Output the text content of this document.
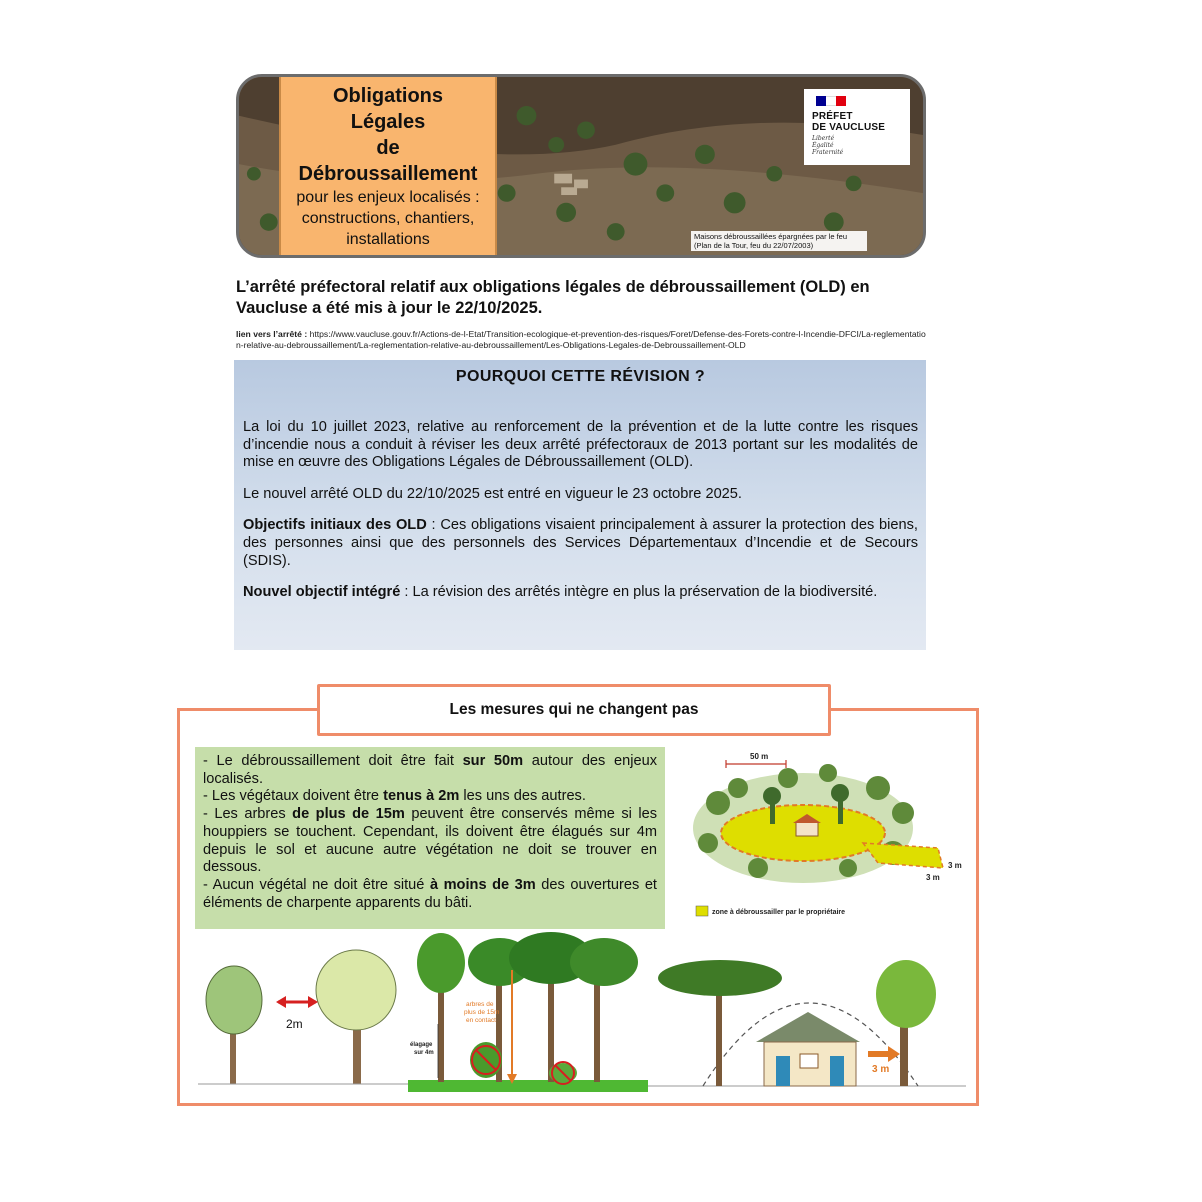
Obligations
Légales
de
Débroussaillement
pour les enjeux localisés :
constructions, chantiers,
installations
PRÉFET
DE VAUCLUSE
Liberté
Égalité
Fraternité
Maisons débroussaillées épargnées par le feu
(Plan de la Tour, feu du 22/07/2003)
L’arrêté préfectoral relatif aux obligations légales de débroussaillement (OLD) en Vaucluse a été mis à jour le 22/10/2025.
lien vers l’arrêté : https://www.vaucluse.gouv.fr/Actions-de-l-Etat/Transition-ecologique-et-prevention-des-risques/Foret/Defense-des-Forets-contre-l-Incendie-DFCI/La-reglementation-relative-au-debroussaillement/La-reglementation-relative-au-debroussaillement/Les-Obligations-Legales-de-Debroussaillement-OLD
POURQUOI CETTE RÉVISION ?

La loi du 10 juillet 2023, relative au renforcement de la prévention et de la lutte contre les risques d’incendie nous a conduit à réviser les deux arrêté préfectoraux de 2013 portant sur les modalités de mise en œuvre des Obligations Légales de Débroussaillement (OLD).

Le nouvel arrêté OLD du 22/10/2025 est entré en vigueur le 23 octobre 2025.

Objectifs initiaux des OLD : Ces obligations visaient principalement à assurer la protection des biens, des personnes ainsi que des personnels des Services Départementaux d’Incendie et de Secours (SDIS).

Nouvel objectif intégré : La révision des arrêtés intègre en plus la préservation de la biodiversité.

Les mesures qui ne changent pas

- Le débroussaillement doit être fait sur 50m autour des enjeux localisés.

- Les végétaux doivent être tenus à 2m les uns des autres.

- Les arbres de plus de 15m peuvent être conservés même si les houppiers se touchent. Cependant, ils doivent être élagués sur 4m depuis le sol et aucune autre végétation ne doit se trouver en dessous.

- Aucun végétal ne doit être situé à moins de 3m des ouvertures et éléments de charpente apparents du bâti.

50 m
3 m
3 m
zone à débroussailler par le propriétaire
2m
arbres de
plus de 15m
en contact
élagage
sur 4m
3 m
